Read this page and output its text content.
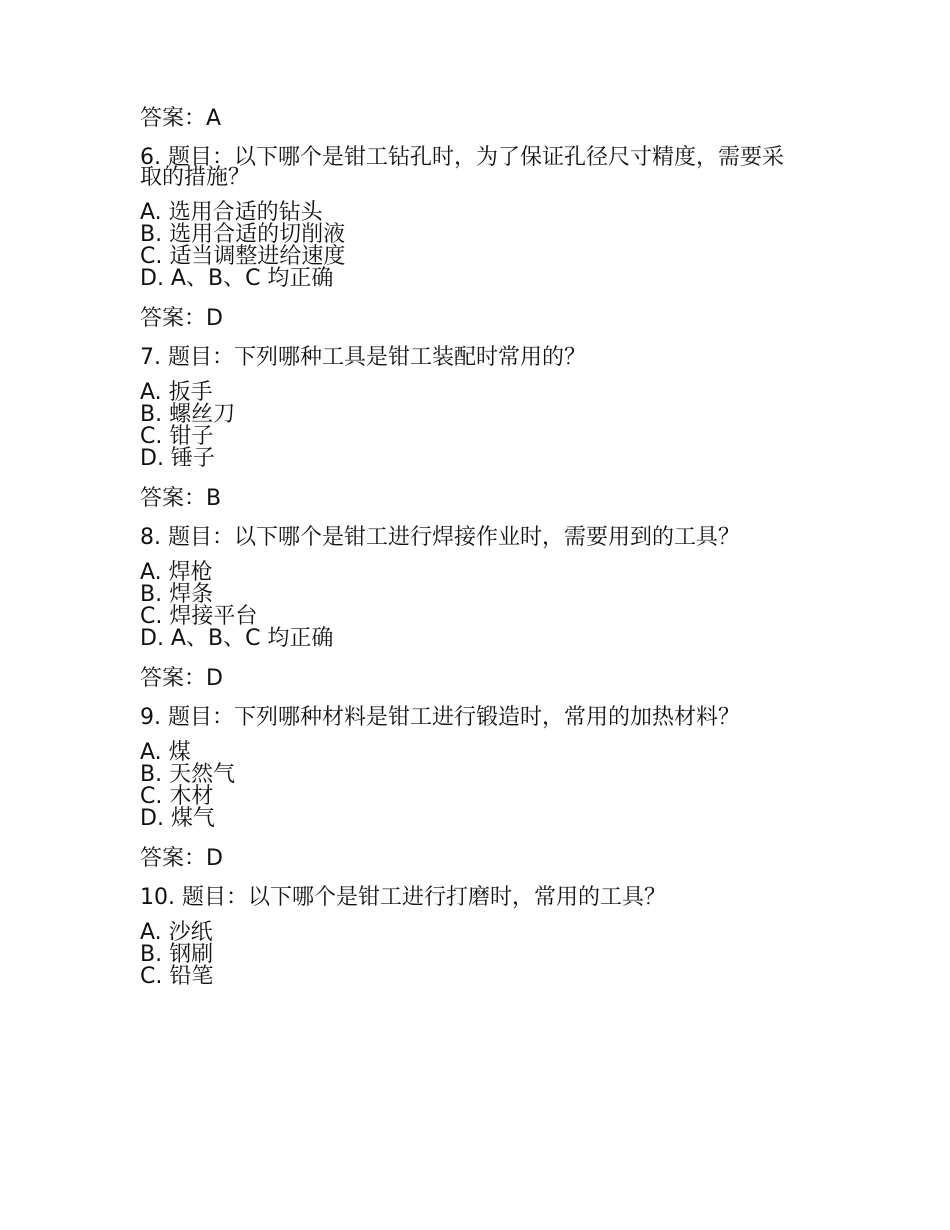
答案：A
6. 题目：以下哪个是钳工钻孔时，为了保证孔径尺寸精度，需要采取的措施？
A. 选用合适的钻头
B. 选用合适的切削液
C. 适当调整进给速度
D. A、B、C 均正确
答案：D
7. 题目：下列哪种工具是钳工装配时常用的？
A. 扳手
B. 螺丝刀
C. 钳子
D. 锤子
答案：B
8. 题目：以下哪个是钳工进行焊接作业时，需要用到的工具？
A. 焊枪
B. 焊条
C. 焊接平台
D. A、B、C 均正确
答案：D
9. 题目：下列哪种材料是钳工进行锻造时，常用的加热材料？
A. 煤
B. 天然气
C. 木材
D. 煤气
答案：D
10. 题目：以下哪个是钳工进行打磨时，常用的工具？
A. 沙纸
B. 钢刷
C. 铅笔
